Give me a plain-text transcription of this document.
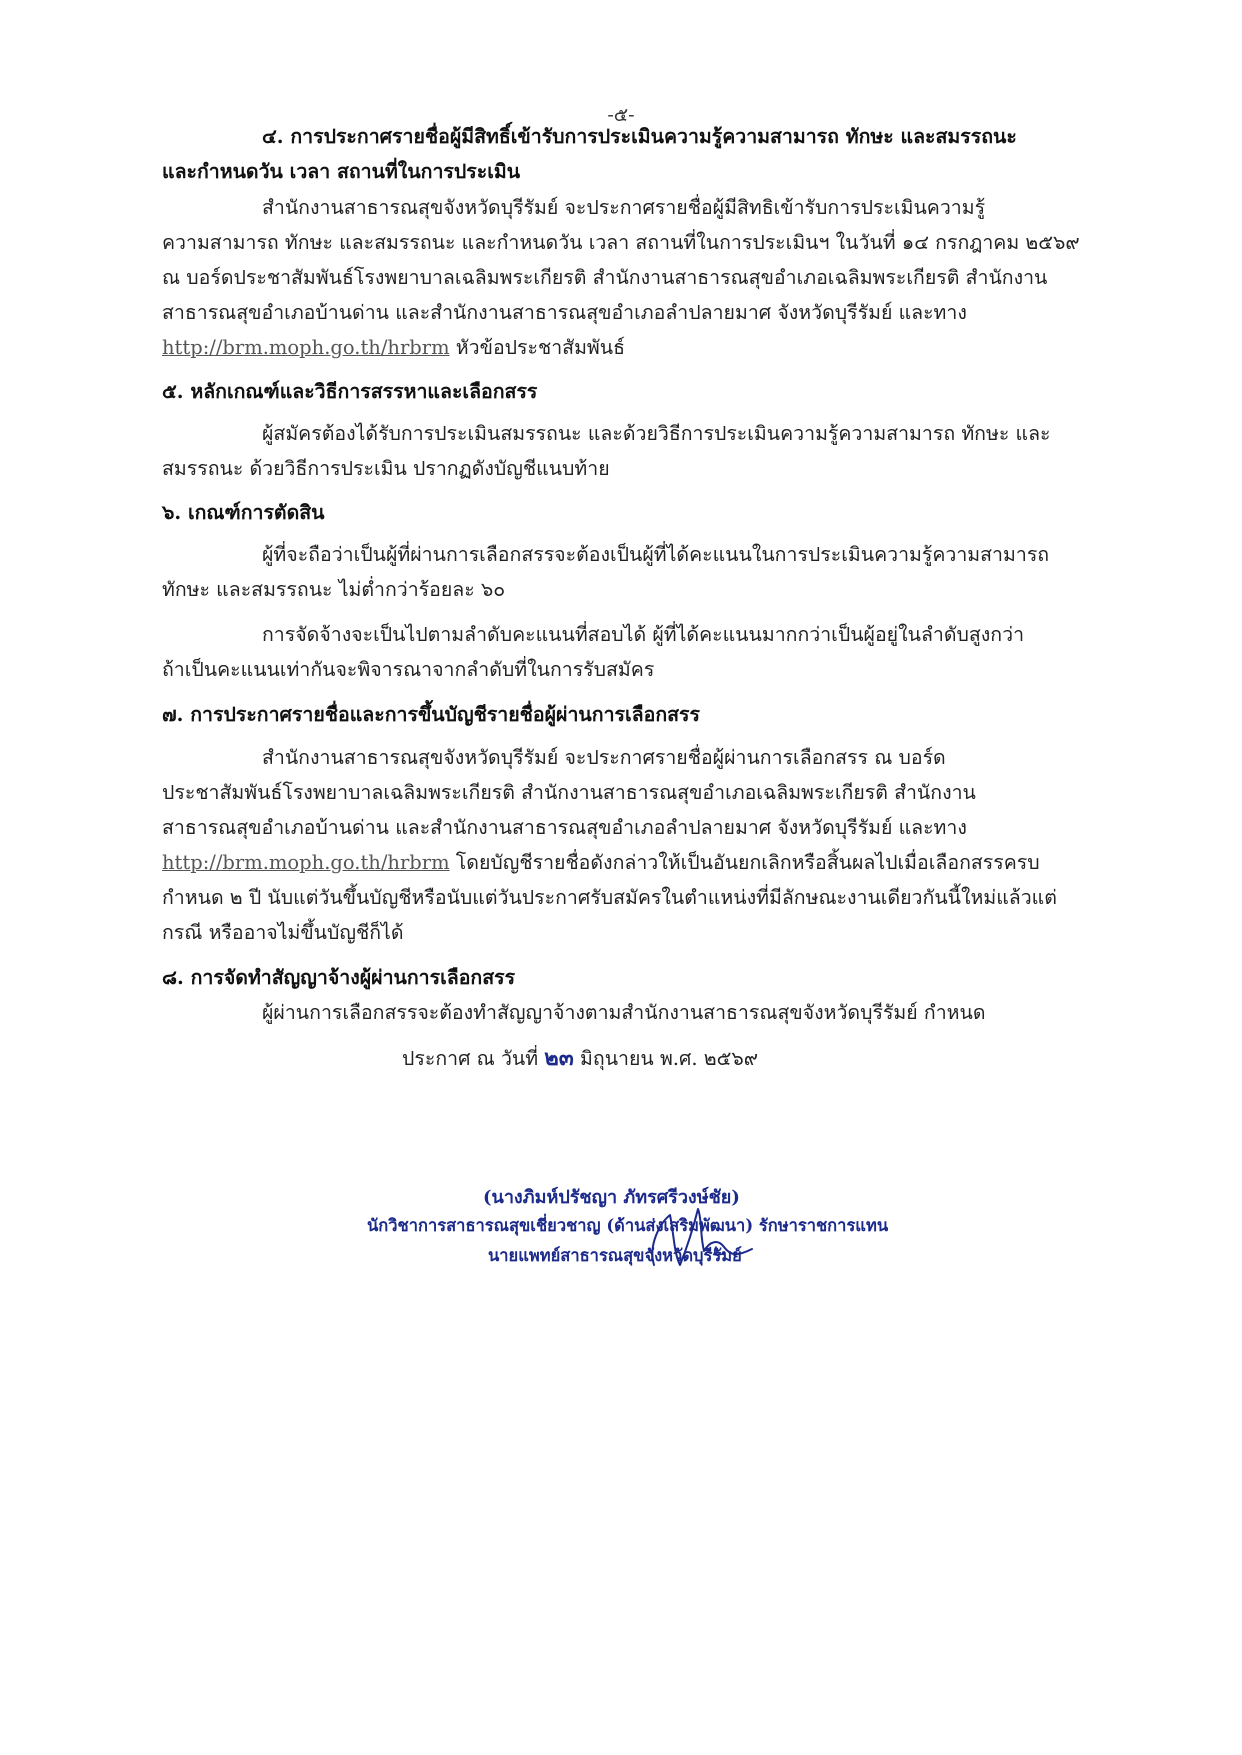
-๕-
๔. การประกาศรายชื่อผู้มีสิทธิ์เข้ารับการประเมินความรู้ความสามารถ ทักษะ และสมรรถนะ
และกำหนดวัน เวลา สถานที่ในการประเมิน
สำนักงานสาธารณสุขจังหวัดบุรีรัมย์ จะประกาศรายชื่อผู้มีสิทธิเข้ารับการประเมินความรู้
ความสามารถ ทักษะ และสมรรถนะ และกำหนดวัน เวลา สถานที่ในการประเมินฯ ในวันที่ ๑๔ กรกฎาคม ๒๕๖๙
ณ บอร์ดประชาสัมพันธ์โรงพยาบาลเฉลิมพระเกียรติ สำนักงานสาธารณสุขอำเภอเฉลิมพระเกียรติ สำนักงาน
สาธารณสุขอำเภอบ้านด่าน และสำนักงานสาธารณสุขอำเภอลำปลายมาศ จังหวัดบุรีรัมย์ และทาง
http://brm.moph.go.th/hrbrm หัวข้อประชาสัมพันธ์
๕. หลักเกณฑ์และวิธีการสรรหาและเลือกสรร
ผู้สมัครต้องได้รับการประเมินสมรรถนะ และด้วยวิธีการประเมินความรู้ความสามารถ ทักษะ และ
สมรรถนะ ด้วยวิธีการประเมิน ปรากฏดังบัญชีแนบท้าย
๖. เกณฑ์การตัดสิน
ผู้ที่จะถือว่าเป็นผู้ที่ผ่านการเลือกสรรจะต้องเป็นผู้ที่ได้คะแนนในการประเมินความรู้ความสามารถ
ทักษะ และสมรรถนะ ไม่ต่ำกว่าร้อยละ ๖๐
การจัดจ้างจะเป็นไปตามลำดับคะแนนที่สอบได้ ผู้ที่ได้คะแนนมากกว่าเป็นผู้อยู่ในลำดับสูงกว่า
ถ้าเป็นคะแนนเท่ากันจะพิจารณาจากลำดับที่ในการรับสมัคร
๗. การประกาศรายชื่อและการขึ้นบัญชีรายชื่อผู้ผ่านการเลือกสรร
สำนักงานสาธารณสุขจังหวัดบุรีรัมย์ จะประกาศรายชื่อผู้ผ่านการเลือกสรร ณ บอร์ด
ประชาสัมพันธ์โรงพยาบาลเฉลิมพระเกียรติ สำนักงานสาธารณสุขอำเภอเฉลิมพระเกียรติ สำนักงาน
สาธารณสุขอำเภอบ้านด่าน และสำนักงานสาธารณสุขอำเภอลำปลายมาศ จังหวัดบุรีรัมย์ และทาง
http://brm.moph.go.th/hrbrm โดยบัญชีรายชื่อดังกล่าวให้เป็นอันยกเลิกหรือสิ้นผลไปเมื่อเลือกสรรครบ
กำหนด ๒ ปี นับแต่วันขึ้นบัญชีหรือนับแต่วันประกาศรับสมัครในตำแหน่งที่มีลักษณะงานเดียวกันนี้ใหม่แล้วแต่
กรณี หรืออาจไม่ขึ้นบัญชีก็ได้
๘. การจัดทำสัญญาจ้างผู้ผ่านการเลือกสรร
ผู้ผ่านการเลือกสรรจะต้องทำสัญญาจ้างตามสำนักงานสาธารณสุขจังหวัดบุรีรัมย์ กำหนด
ประกาศ ณ วันที่ ๒๓ มิถุนายน พ.ศ. ๒๕๖๙
(นางภิมห์ปรัชญา ภัทรศรีวงษ์ชัย)
นักวิชาการสาธารณสุขเชี่ยวชาญ (ด้านส่งเสริมพัฒนา) รักษาราชการแทน
นายแพทย์สาธารณสุขจังหวัดบุรีรัมย์
